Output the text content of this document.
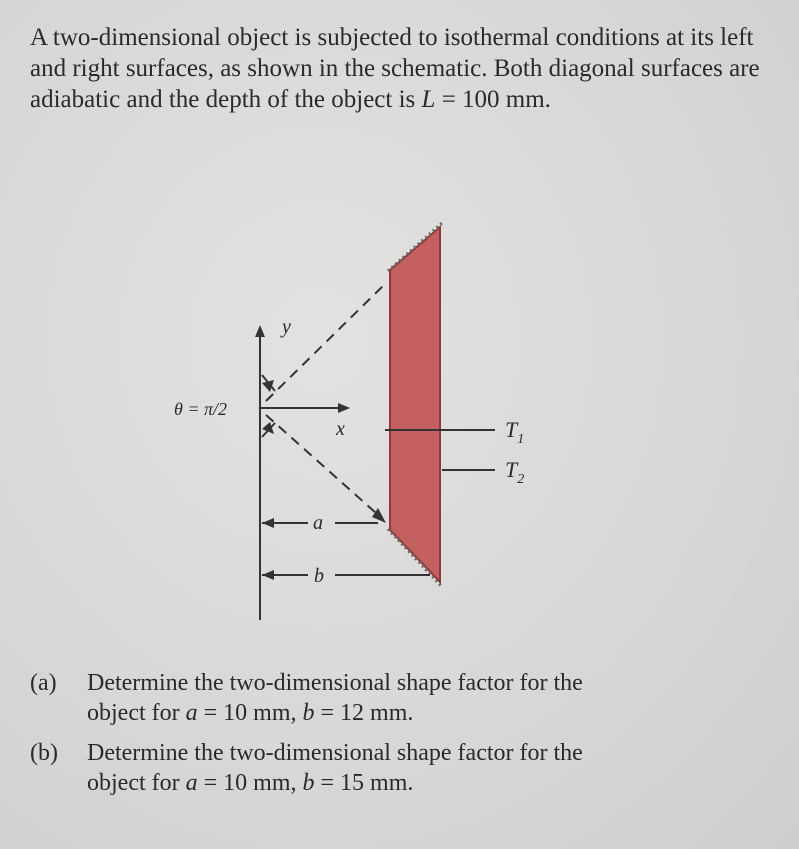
A two-dimensional object is subjected to isothermal conditions at its left and right surfaces, as shown in the schematic. Both diagonal surfaces are adiabatic and the depth of the object is L = 100 mm.

y
x
θ = π/2
a
b
$T_1$
$T_2$
(a)	Determine the two-dimensional shape factor for the
object for a = 10 mm, b = 12 mm.
(b)	Determine the two-dimensional shape factor for the
object for a = 10 mm, b = 15 mm.
